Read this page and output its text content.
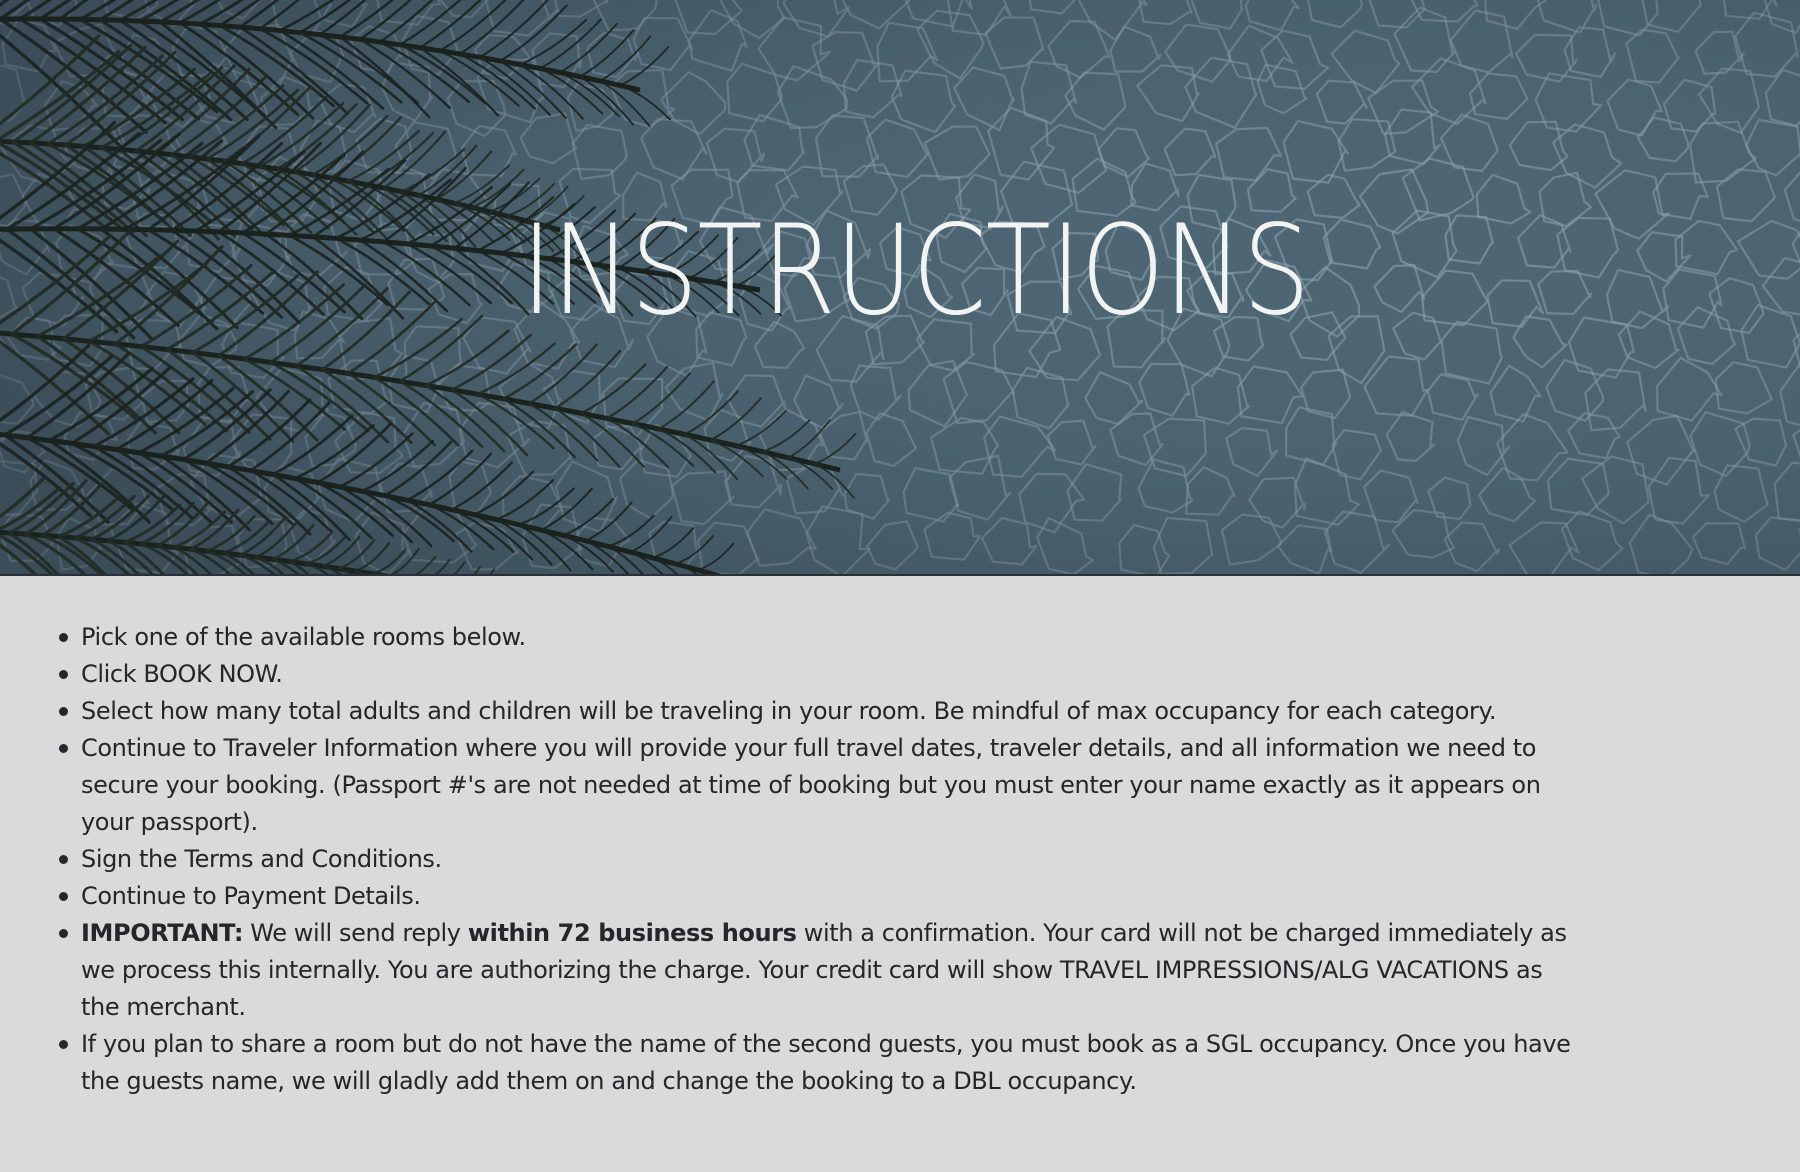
INSTRUCTIONS
Pick one of the available rooms below.
Click BOOK NOW.
Select how many total adults and children will be traveling in your room. Be mindful of max occupancy for each category.
Continue to Traveler Information where you will provide your full travel dates, traveler details, and all information we need to secure your booking. (Passport #'s are not needed at time of booking but you must enter your name exactly as it appears on your passport).
Sign the Terms and Conditions.
Continue to Payment Details.
IMPORTANT: We will send reply within 72 business hours with a confirmation. Your card will not be charged immediately as we process this internally. You are authorizing the charge. Your credit card will show TRAVEL IMPRESSIONS/ALG VACATIONS as the merchant.
If you plan to share a room but do not have the name of the second guests, you must book as a SGL occupancy. Once you have the guests name, we will gladly add them on and change the booking to a DBL occupancy.
